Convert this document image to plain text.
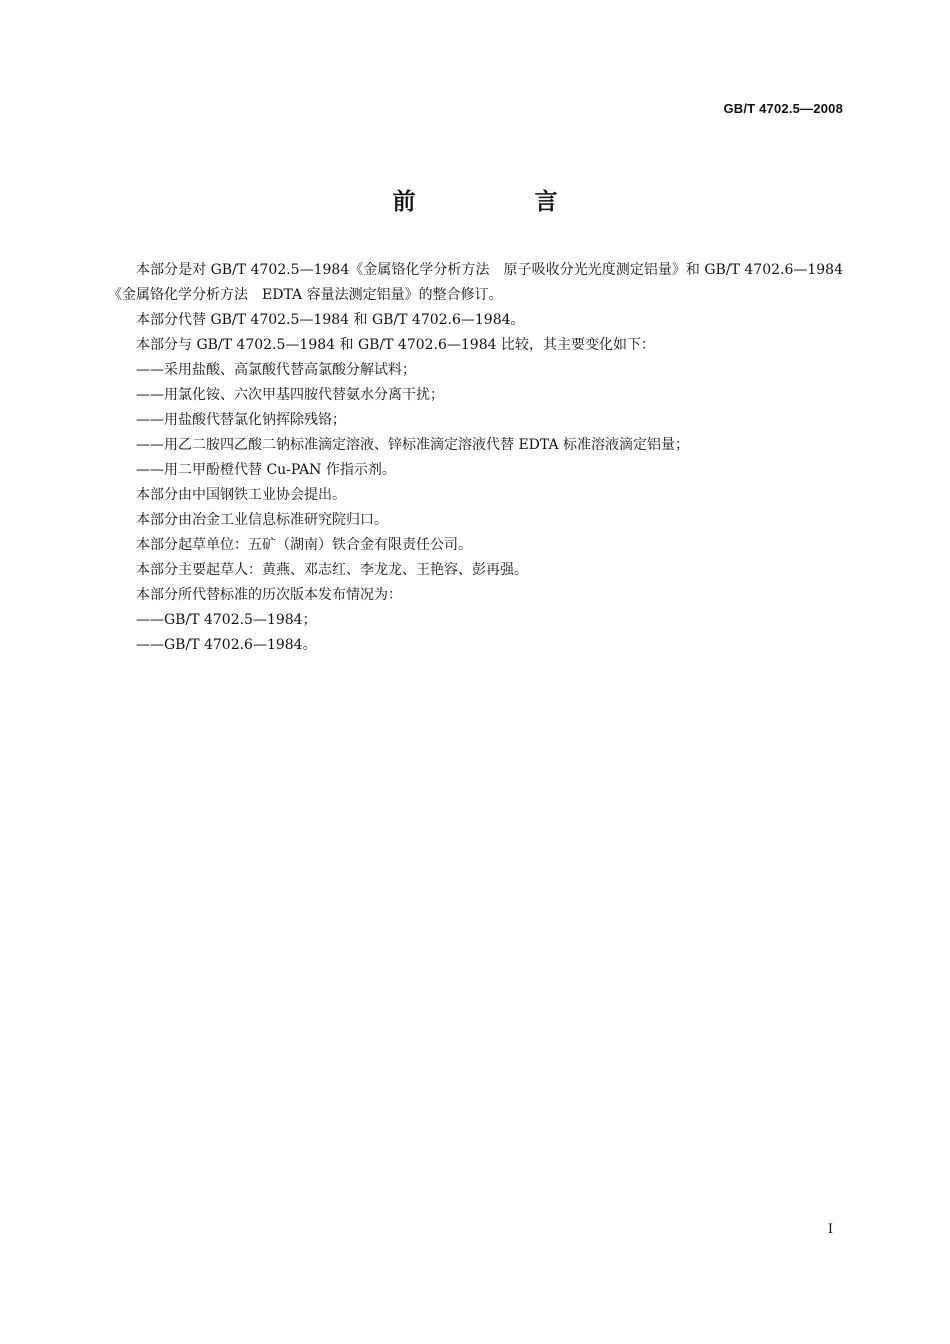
GB/T 4702.5—2008
前　言

本部分是对 GB/T 4702.5—1984《金属铬化学分析方法　原子吸收分光光度测定铝量》和 GB/T 4702.6—1984《金属铬化学分析方法　EDTA 容量法测定铝量》的整合修订。

本部分代替 GB/T 4702.5—1984 和 GB/T 4702.6—1984。

本部分与 GB/T 4702.5—1984 和 GB/T 4702.6—1984 比较，其主要变化如下：

——采用盐酸、高氯酸代替高氯酸分解试料；

——用氯化铵、六次甲基四胺代替氨水分离干扰；

——用盐酸代替氯化钠挥除残铬；

——用乙二胺四乙酸二钠标准滴定溶液、锌标准滴定溶液代替 EDTA 标准溶液滴定铝量；

——用二甲酚橙代替 Cu-PAN 作指示剂。

本部分由中国钢铁工业协会提出。

本部分由冶金工业信息标准研究院归口。

本部分起草单位：五矿（湖南）铁合金有限责任公司。

本部分主要起草人：黄燕、邓志红、李龙龙、王艳容、彭再强。

本部分所代替标准的历次版本发布情况为：

——GB/T 4702.5—1984；

——GB/T 4702.6—1984。

I
